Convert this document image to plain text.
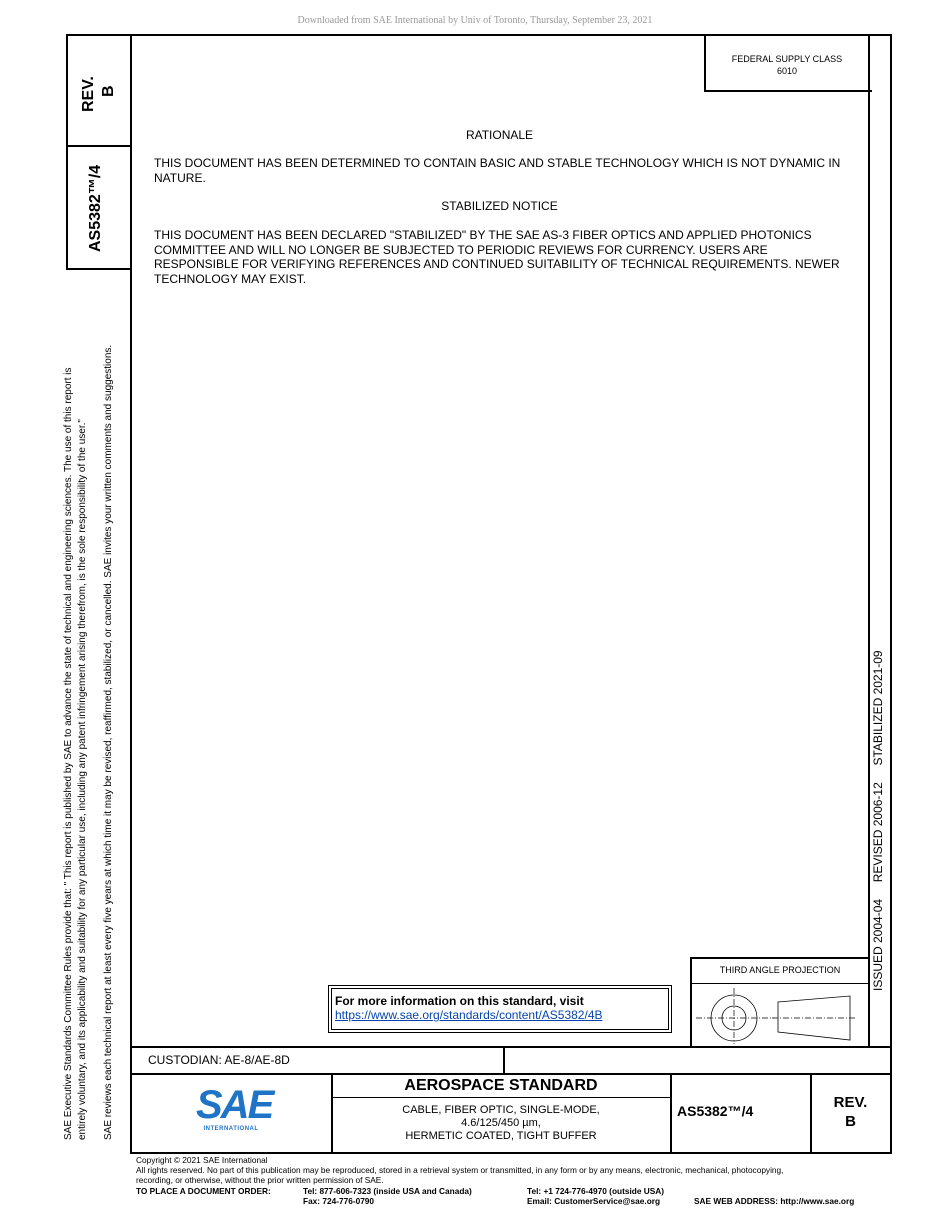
Downloaded from SAE International by Univ of Toronto, Thursday, September 23, 2021
REV. B
AS5382™/4
SAE Executive Standards Committee Rules provide that: " This report is published by SAE to advance the state of technical and engineering sciences. The use of this report is entirely voluntary, and its applicability and suitability for any particular use, including any patent infringement arising therefrom, is the sole responsibility of the user." SAE reviews each technical report at least every five years at which time it may be revised, reaffirmed, stabilized, or cancelled. SAE invites your written comments and suggestions.
FEDERAL SUPPLY CLASS
6010
ISSUED 2004-04     REVISED 2006-12     STABILIZED 2021-09
RATIONALE
THIS DOCUMENT HAS BEEN DETERMINED TO CONTAIN BASIC AND STABLE TECHNOLOGY WHICH IS NOT DYNAMIC IN NATURE.
STABILIZED NOTICE
THIS DOCUMENT HAS BEEN DECLARED "STABILIZED" BY THE SAE AS-3 FIBER OPTICS AND APPLIED PHOTONICS COMMITTEE AND WILL NO LONGER BE SUBJECTED TO PERIODIC REVIEWS FOR CURRENCY. USERS ARE RESPONSIBLE FOR VERIFYING REFERENCES AND CONTINUED SUITABILITY OF TECHNICAL REQUIREMENTS. NEWER TECHNOLOGY MAY EXIST.
For more information on this standard, visit
https://www.sae.org/standards/content/AS5382/4B
THIRD ANGLE PROJECTION
CUSTODIAN: AE-8/AE-8D
SAE
INTERNATIONAL
AEROSPACE STANDARD
CABLE, FIBER OPTIC, SINGLE-MODE,
4.6/125/450 µm,
HERMETIC COATED, TIGHT BUFFER
AS5382™/4	REV.
B
Copyright © 2021 SAE International
All rights reserved. No part of this publication may be reproduced, stored in a retrieval system or transmitted, in any form or by any means, electronic, mechanical, photocopying,
recording, or otherwise, without the prior written permission of SAE.
TO PLACE A DOCUMENT ORDER:	Tel: 877-606-7323 (inside USA and Canada)
Fax: 724-776-0790
Tel: +1 724-776-4970 (outside USA)
Email: CustomerService@sae.org	SAE WEB ADDRESS: http://www.sae.org
